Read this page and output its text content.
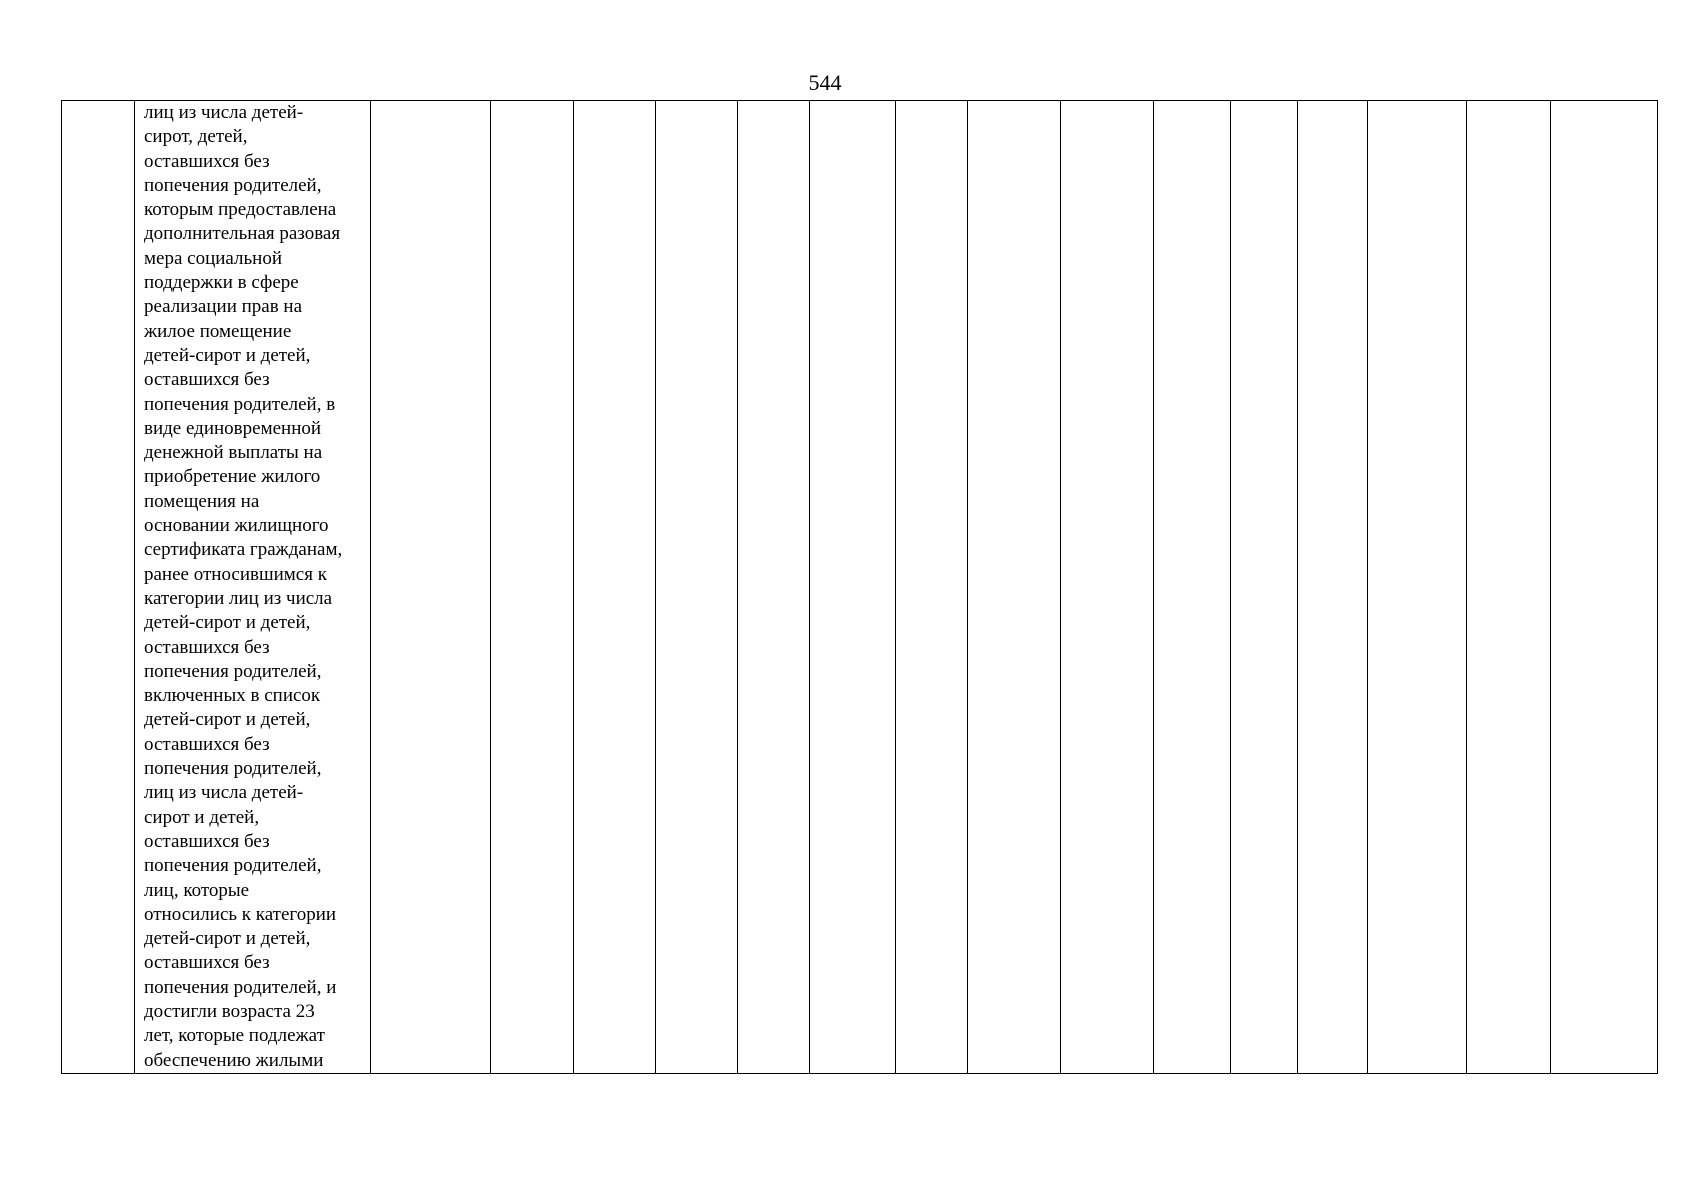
544

лиц из числа детей-
сирот, детей,
оставшихся без
попечения родителей,
которым предоставлена
дополнительная разовая
мера социальной
поддержки в сфере
реализации прав на
жилое помещение
детей-сирот и детей,
оставшихся без
попечения родителей, в
виде единовременной
денежной выплаты на
приобретение жилого
помещения на
основании жилищного
сертификата гражданам,
ранее относившимся к
категории лиц из числа
детей-сирот и детей,
оставшихся без
попечения родителей,
включенных в список
детей-сирот и детей,
оставшихся без
попечения родителей,
лиц из числа детей-
сирот и детей,
оставшихся без
попечения родителей,
лиц, которые
относились к категории
детей-сирот и детей,
оставшихся без
попечения родителей, и
достигли возраста 23
лет, которые подлежат
обеспечению жилыми
